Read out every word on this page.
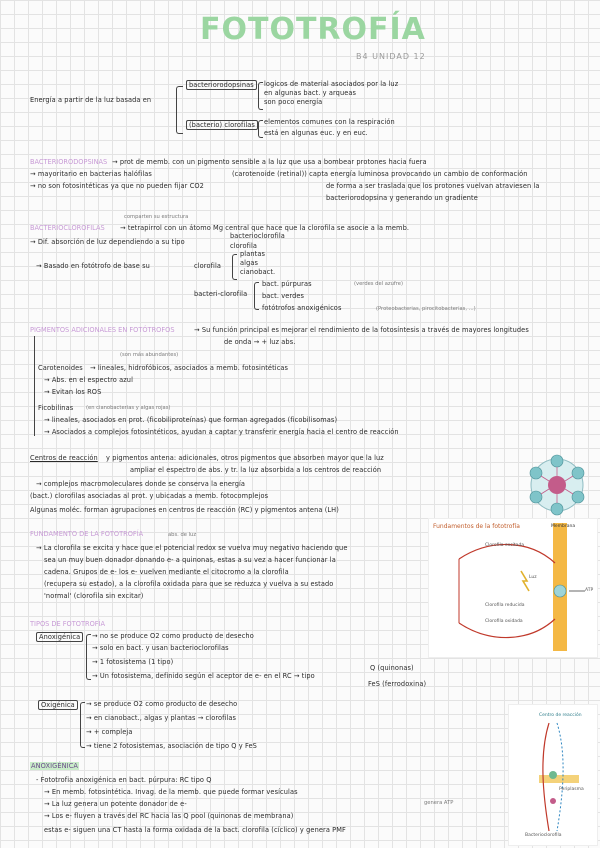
FOTOTROFÍA
B4 UNIDAD 12
Energía a partir de la luz basada en
bacteriorodopsinas	logicos de material asociados por la luz
en algunas bact. y arqueas
son poco energía
(bacterio) clorofilas	elementos comunes con la respiración
está en algunas euc. y en euc.
BACTERIORODOPSINAS → prot de memb. con un pigmento sensible a la luz que usa a bombear protones hacia fuera
→ mayoritario en bacterias halófilas
→ no son fotosintéticas ya que no pueden fijar CO2
(carotenoide (retinal)) capta energía luminosa provocando un cambio de conformación
de forma a ser traslada que los protones vuelvan atraviesen la
bacteriorodopsina y generando un gradiente
comparten su estructura
BACTERIOCLOROFILAS → tetrapirrol con un átomo Mg central que hace que la clorofila se asocie a la memb.
→ Dif. absorción de luz dependiendo a su tipo
bacterioclorofila
clorofila
→ Basado en fotótrofo de base su	clorofila
plantas
algas
cianobact.
bacteri-clorofila
bact. púrpuras
bact. verdes
fotótrofos anoxigénicos
(verdes del azufre)
(Proteobacterias, pirocitobacterias, ...)
PIGMENTOS ADICIONALES EN FOTÓTROFOS	→ Su función principal es mejorar el rendimiento de la fotosíntesis a través de mayores longitudes
de onda → + luz abs.
(son más abundantes)
Carotenoides → lineales, hidrofóbicos, asociados a memb. fotosintéticas
→ Abs. en el espectro azul
→ Evitan los ROS
Ficobilinas (en cianobacterias y algas rojas)
→ lineales, asociados en prot. (ficobiliproteínas) que forman agregados (ficobilisomas)
→ Asociados a complejos fotosintéticos, ayudan a captar y transferir energía hacia el centro de reacción
Centros de reacción y pigmentos antena: adicionales, otros pigmentos que absorben mayor que la luz
ampliar el espectro de abs. y tr. la luz absorbida a los centros de reacción
→ complejos macromoleculares donde se conserva la energía
(bact.) clorofilas asociadas al prot. y ubicadas a memb. fotocomplejos
Algunas moléc. forman agrupaciones en centros de reacción (RC) y pigmentos antena (LH)
FUNDAMENTO DE LA FOTOTROFÍA	abs. de luz
→ La clorofila se excita y hace que el potencial redox se vuelva muy negativo haciendo que
sea un muy buen donador donando e- a quinonas, estas a su vez a hacer funcionar la
cadena. Grupos de e- los e- vuelven mediante el citocromo a la clorofila
(recupera su estado), a la clorofila oxidada para que se reduzca y vuelva a su estado
'normal' (clorofila sin excitar)
Fundamentos de la fototrofía	Membrana
Clorofila excitada
Clorofila reducida
Clorofila oxidada
Luz
ATP
TIPOS DE FOTOTROFÍA
Anoxigénica	→ no se produce O2 como producto de desecho
→ solo en bact. y usan bacterioclorofilas
→ 1 fotosistema (1 tipo)
→ Un fotosistema, definido según el aceptor de e- en el RC → tipo
Q (quinonas)
FeS (ferrodoxina)
Oxigénica	→ se produce O2 como producto de desecho
→ en cianobact., algas y plantas → clorofilas
→ + compleja
→ tiene 2 fotosistemas, asociación de tipo Q y FeS
ANOXIGÉNICA
- Fototrofia anoxigénica en bact. púrpura: RC tipo Q
→ En memb. fotosintética. Invag. de la memb. que puede formar vesículas
→ La luz genera un potente donador de e-
→ Los e- fluyen a través del RC hacia las Q pool (quinonas de membrana)
estas e- siguen una CT hasta la forma oxidada de la bact. clorofila (cíclico) y genera PMF
genera ATP
Centro de reacción
Periplasma
Bacterioclorofila
